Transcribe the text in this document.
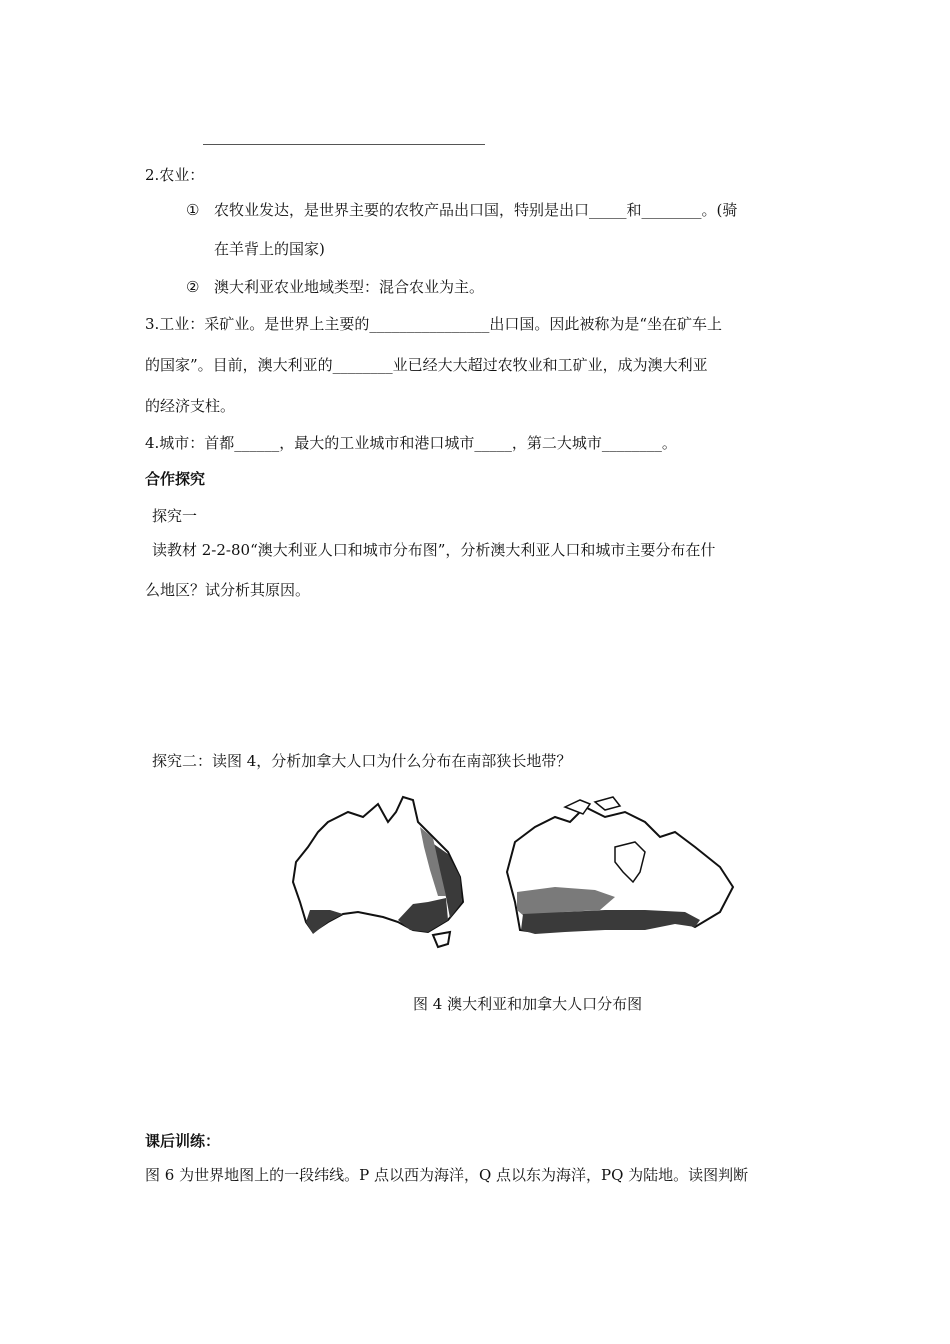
2.农业：
① 农牧业发达，是世界主要的农牧产品出口国，特别是出口_____和________。(骑
在羊背上的国家)
② 澳大利亚农业地域类型：混合农业为主。
3.工业：采矿业。是世界上主要的________________出口国。因此被称为是“坐在矿车上
的国家”。目前，澳大利亚的________业已经大大超过农牧业和工矿业，成为澳大利亚
的经济支柱。
4.城市：首都______，最大的工业城市和港口城市_____，第二大城市________。
合作探究
探究一
读教材 2-2-80“澳大利亚人口和城市分布图”，分析澳大利亚人口和城市主要分布在什
么地区？试分析其原因。
探究二：读图 4，分析加拿大人口为什么分布在南部狭长地带？
图 4 澳大利亚和加拿大人口分布图
课后训练：
图 6 为世界地图上的一段纬线。P 点以西为海洋，Q 点以东为海洋，PQ 为陆地。读图判断
